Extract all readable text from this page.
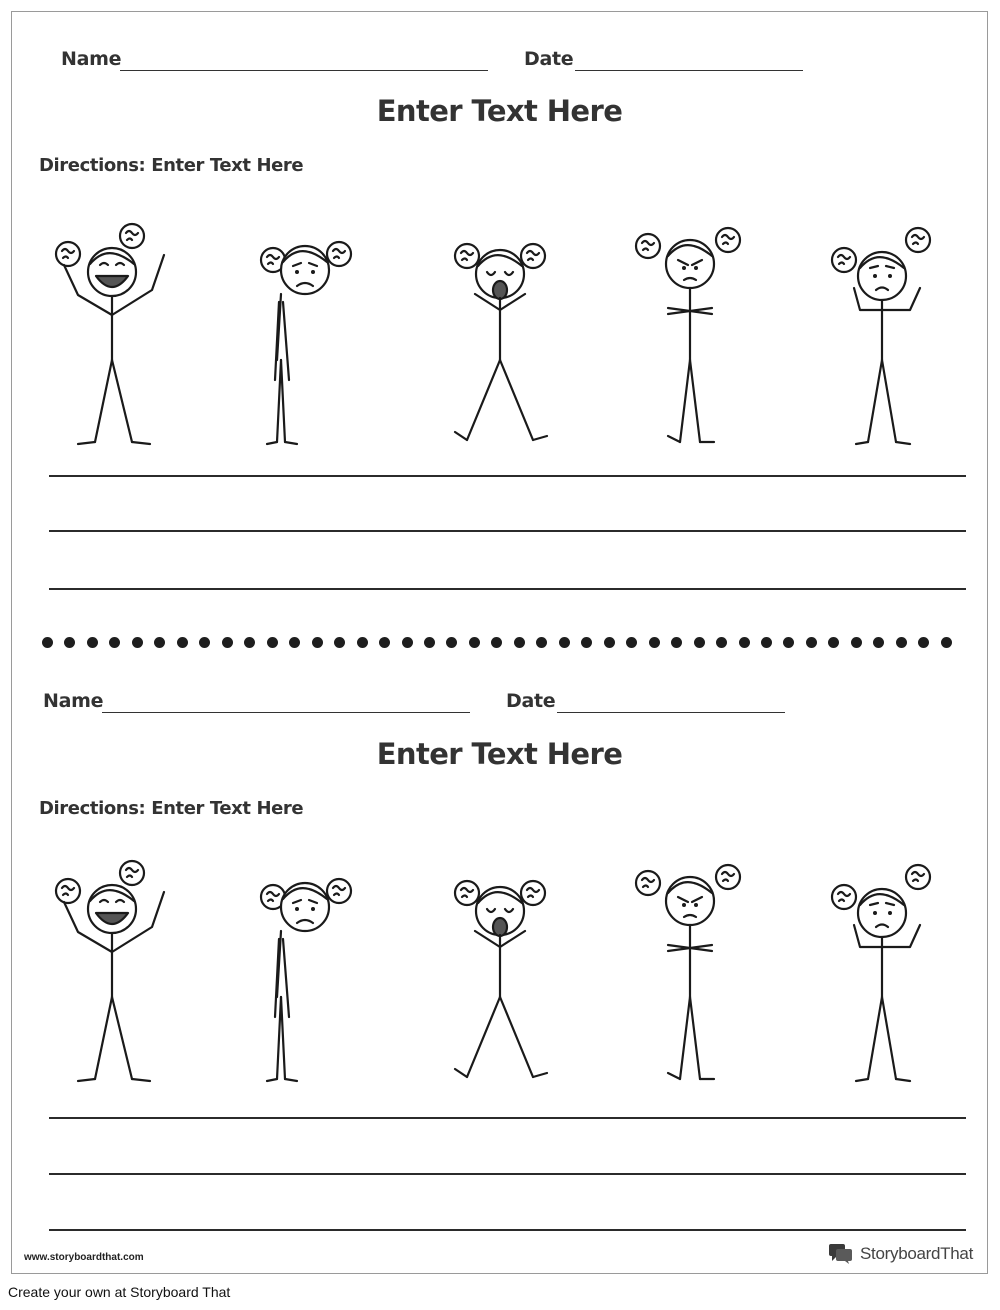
Name	Date
Enter Text Here
Directions: Enter Text Here
Name	Date
Enter Text Here
Directions: Enter Text Here
www.storyboardthat.com	StoryboardThat
Create your own at Storyboard That
